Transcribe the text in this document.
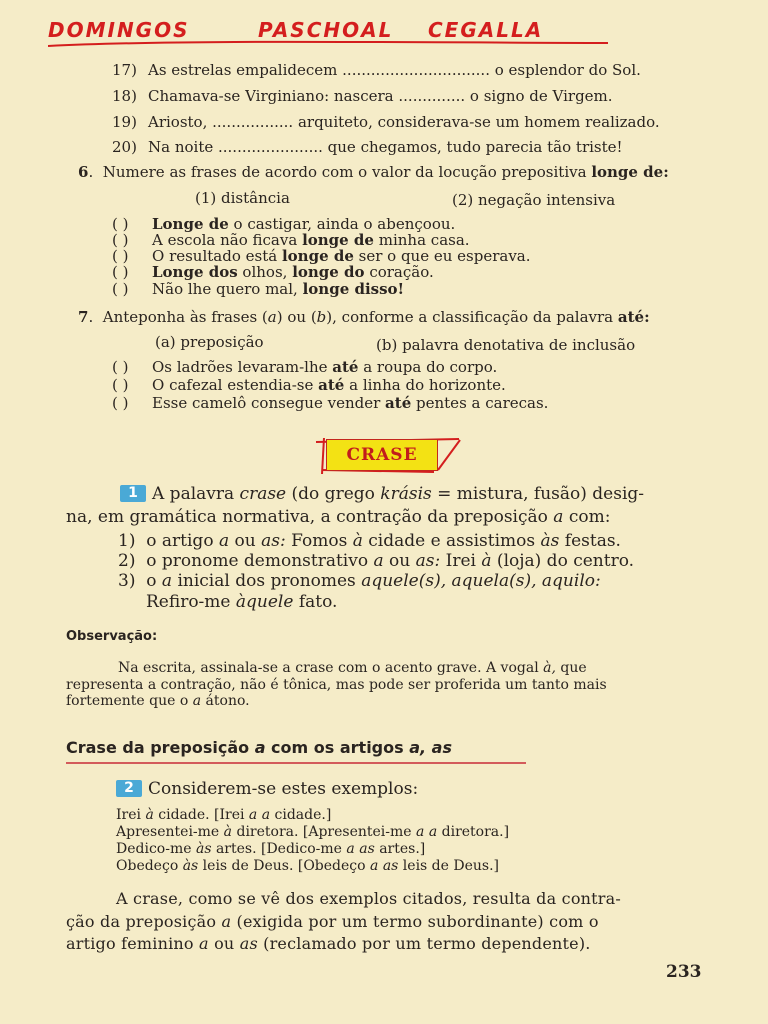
DOMINGOS	PASCHOAL CEGALLA
17) As estrelas empalidecem ............................... o esplendor do Sol.
18) Chamava-se Virginiano: nascera .............. o signo de Virgem.
19) Ariosto, ................. arquiteto, considerava-se um homem realizado.
20) Na noite ...................... que chegamos, tudo parecia tão triste!
6.  Numere as frases de acordo com o valor da locução prepositiva longe de:
(1) distância	(2) negação intensiva
( )Longe de o castigar, ainda o abençoou.
( )A escola não ficava longe de minha casa.
( )O resultado está longe de ser o que eu esperava.
( )Longe dos olhos, longe do coração.
( )Não lhe quero mal, longe disso!
7.  Anteponha às frases (a) ou (b), conforme a classificação da palavra até:
(a) preposição	(b) palavra denotativa de inclusão
( )Os ladrões levaram-lhe até a roupa do corpo.
( )O cafezal estendia-se até a linha do horizonte.
( )Esse camelô consegue vender até pentes a carecas.
CRASE
1 A palavra crase (do grego krásis = mistura, fusão) desig-
na, em gramática normativa, a contração da preposição a com:
1) o artigo a ou as: Fomos à cidade e assistimos às festas.
2) o pronome demonstrativo a ou as: Irei à (loja) do centro.
3) o a inicial dos pronomes aquele(s), aquela(s), aquilo:
Refiro-me àquele fato.
Observação:
Na escrita, assinala-se a crase com o acento grave. A vogal à, que
representa a contração, não é tônica, mas pode ser proferida um tanto mais
fortemente que o a átono.
Crase da preposição a com os artigos a, as
2 Considerem-se estes exemplos:
Irei à cidade. [Irei a a cidade.]
Apresentei-me à diretora. [Apresentei-me a a diretora.]
Dedico-me às artes. [Dedico-me a as artes.]
Obedeço às leis de Deus. [Obedeço a as leis de Deus.]
A crase, como se vê dos exemplos citados, resulta da contra-
ção da preposição a (exigida por um termo subordinante) com o
artigo feminino a ou as (reclamado por um termo dependente).
233
